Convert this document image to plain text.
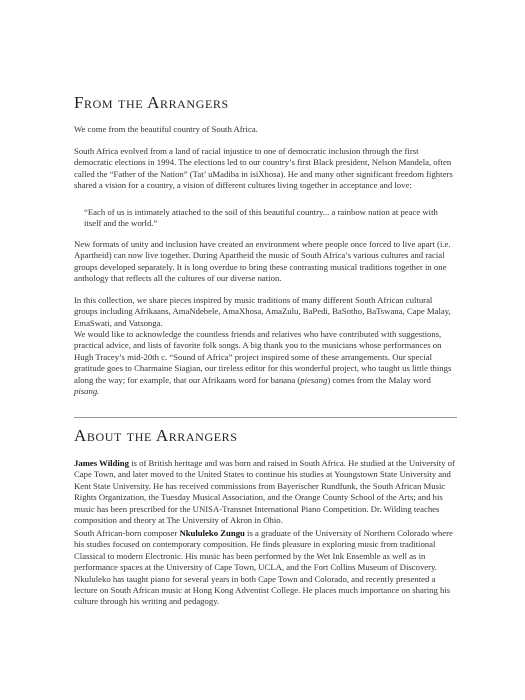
From the Arrangers

We come from the beautiful country of South Africa.

South Africa evolved from a land of racial injustice to one of democratic inclusion through the first democratic elections in 1994. The elections led to our country’s first Black president, Nelson Mandela, often called the “Father of the Nation” (Tat’ uMadiba in isiXhosa). He and many other significant freedom fighters shared a vision for a country, a vision of different cultures living together in acceptance and love:

“Each of us is intimately attached to the soil of this beautiful country... a rainbow nation at peace with itself and the world.”

New formats of unity and inclusion have created an environment where people once forced to live apart (i.e. Apartheid) can now live together. During Apartheid the music of South Africa’s various cultures and racial groups developed separately. It is long overdue to bring these contrasting musical traditions together in one anthology that reflects all the cultures of our diverse nation.

In this collection, we share pieces inspired by music traditions of many different South African cultural groups including Afrikaans, AmaNdebele, AmaXhosa, AmaZulu, BaPedi, BaSotho, BaTswana, Cape Malay, EmaSwati, and Vatsonga.

We would like to acknowledge the countless friends and relatives who have contributed with suggestions, practical advice, and lists of favorite folk songs. A big thank you to the musicians whose performances on Hugh Tracey’s mid-20th c. “Sound of Africa” project inspired some of these arrangements. Our special gratitude goes to Charmaine Siagian, our tireless editor for this wonderful project, who taught us little things along the way; for example, that our Afrikaans word for banana (piesang) comes from the Malay word pisang.

About the Arrangers

James Wilding is of British heritage and was born and raised in South Africa. He studied at the University of Cape Town, and later moved to the United States to continue his studies at Youngstown State University and Kent State University. He has received commissions from Bayerischer Rundfunk, the South African Music Rights Organization, the Tuesday Musical Association, and the Orange County School of the Arts; and his music has been prescribed for the UNISA-Transnet International Piano Competition. Dr. Wilding teaches composition and theory at The University of Akron in Ohio.

South African-born composer Nkululeko Zungu is a graduate of the University of Northern Colorado where his studies focused on contemporary composition. He finds pleasure in exploring music from traditional Classical to modern Electronic. His music has been performed by the Wet Ink Ensemble as well as in performance spaces at the University of Cape Town, UCLA, and the Fort Collins Museum of Discovery. Nkululeko has taught piano for several years in both Cape Town and Colorado, and recently presented a lecture on South African music at Hong Kong Adventist College. He places much importance on sharing his culture through his writing and pedagogy.
